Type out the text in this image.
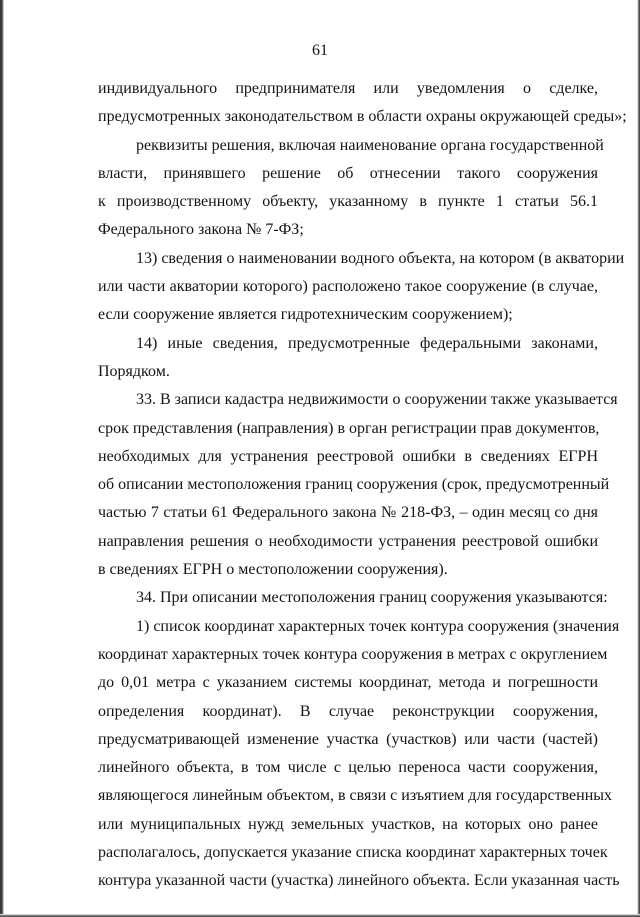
61
индивидуального предпринимателя или уведомления о сделке,
предусмотренных законодательством в области охраны окружающей среды»;
реквизиты решения, включая наименование органа государственной
власти, принявшего решение об отнесении такого сооружения
к производственному объекту, указанному в пункте 1 статьи 56.1
Федерального закона № 7-ФЗ;
13) сведения о наименовании водного объекта, на котором (в акватории
или части акватории которого) расположено такое сооружение (в случае,
если сооружение является гидротехническим сооружением);
14) иные сведения, предусмотренные федеральными законами,
Порядком.
33. В записи кадастра недвижимости о сооружении также указывается
срок представления (направления) в орган регистрации прав документов,
необходимых для устранения реестровой ошибки в сведениях ЕГРН
об описании местоположения границ сооружения (срок, предусмотренный
частью 7 статьи 61 Федерального закона № 218-ФЗ, – один месяц со дня
направления решения о необходимости устранения реестровой ошибки
в сведениях ЕГРН о местоположении сооружения).
34. При описании местоположения границ сооружения указываются:
1) список координат характерных точек контура сооружения (значения
координат характерных точек контура сооружения в метрах с округлением
до 0,01 метра с указанием системы координат, метода и погрешности
определения координат). В случае реконструкции сооружения,
предусматривающей изменение участка (участков) или части (частей)
линейного объекта, в том числе с целью переноса части сооружения,
являющегося линейным объектом, в связи с изъятием для государственных
или муниципальных нужд земельных участков, на которых оно ранее
располагалось, допускается указание списка координат характерных точек
контура указанной части (участка) линейного объекта. Если указанная часть
